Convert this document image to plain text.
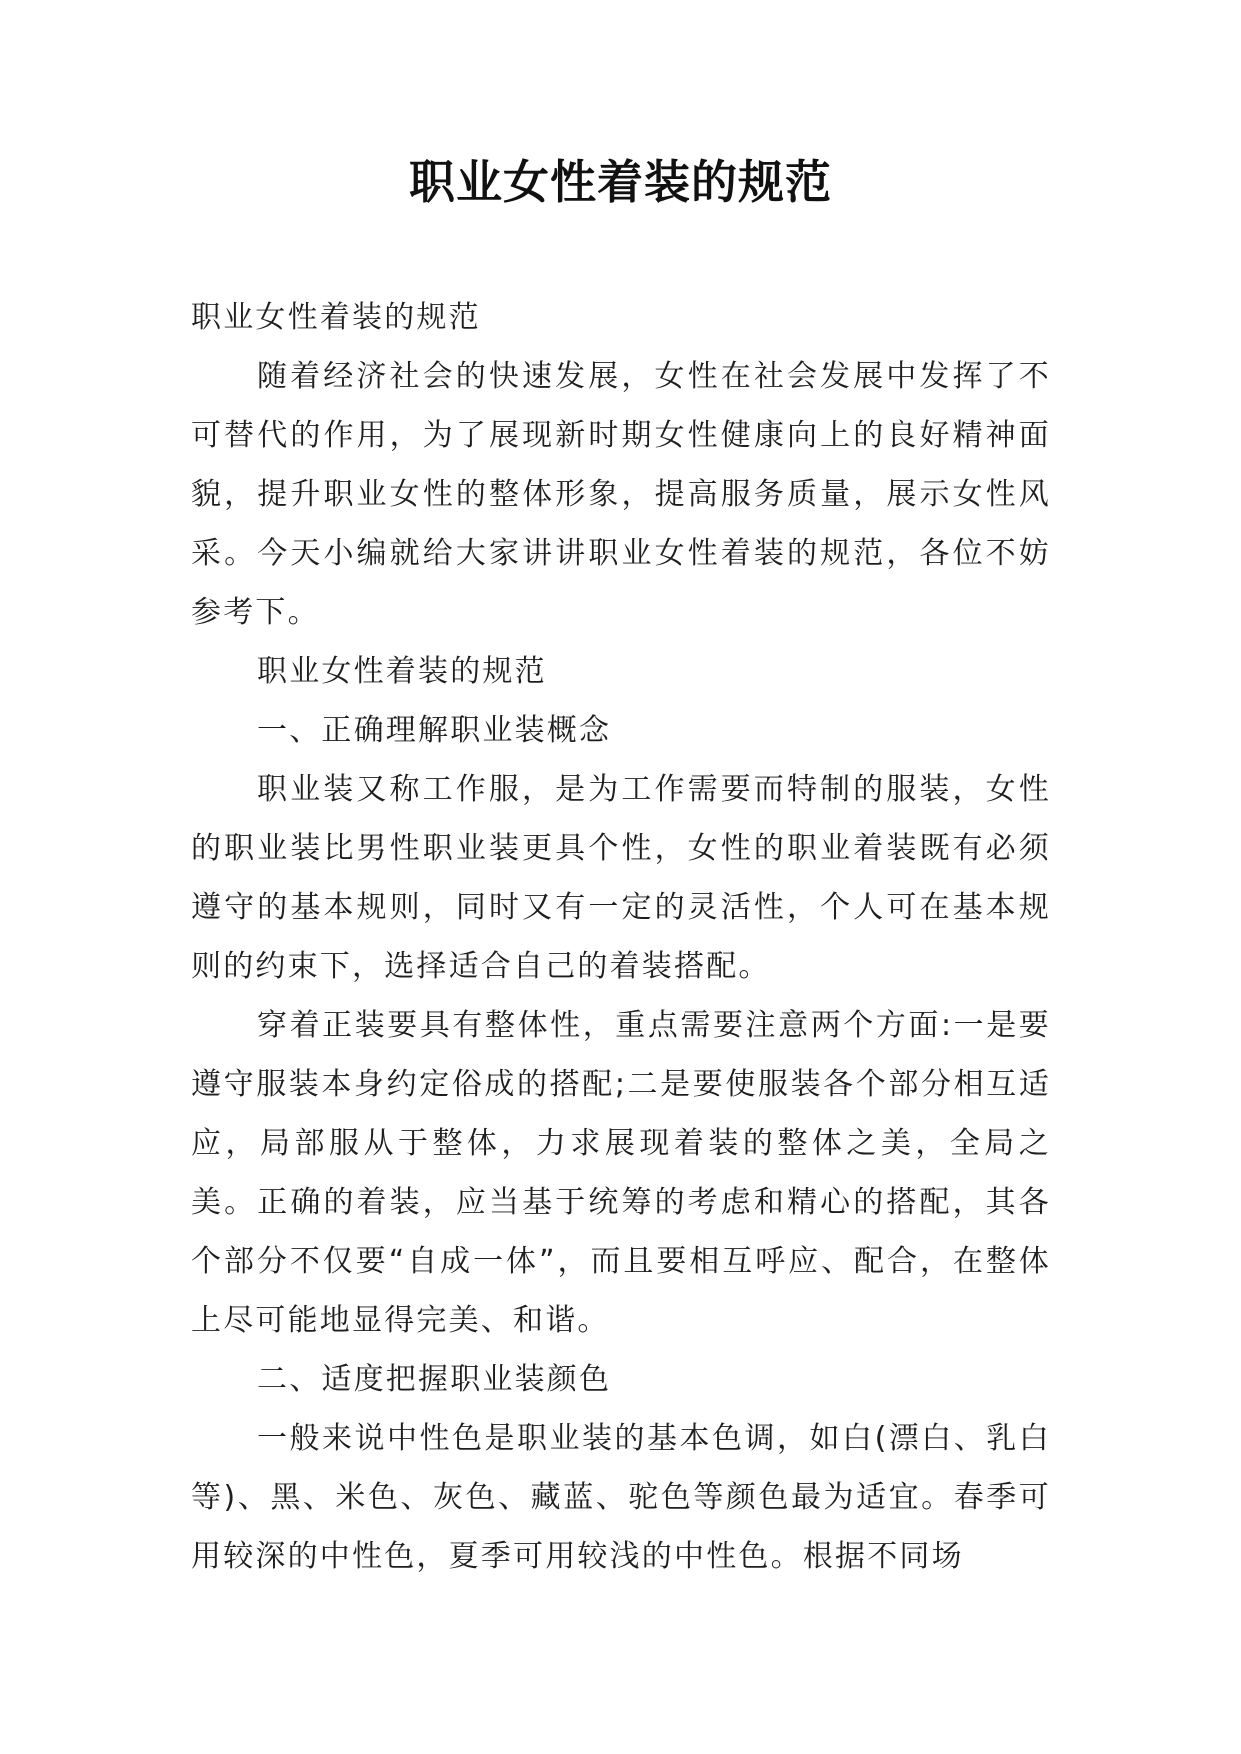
职业女性着装的规范

职业女性着装的规范

随着经济社会的快速发展，女性在社会发展中发挥了不可替代的作用，为了展现新时期女性健康向上的良好精神面貌，提升职业女性的整体形象，提高服务质量，展示女性风采。今天小编就给大家讲讲职业女性着装的规范，各位不妨参考下。

职业女性着装的规范

一、正确理解职业装概念

职业装又称工作服，是为工作需要而特制的服装，女性的职业装比男性职业装更具个性，女性的职业着装既有必须遵守的基本规则，同时又有一定的灵活性，个人可在基本规则的约束下，选择适合自己的着装搭配。

穿着正装要具有整体性，重点需要注意两个方面:一是要遵守服装本身约定俗成的搭配;二是要使服装各个部分相互适应，局部服从于整体，力求展现着装的整体之美，全局之美。正确的着装，应当基于统筹的考虑和精心的搭配，其各个部分不仅要“自成一体”，而且要相互呼应、配合，在整体上尽可能地显得完美、和谐。

二、适度把握职业装颜色

一般来说中性色是职业装的基本色调，如白(漂白、乳白等)、黑、米色、灰色、藏蓝、驼色等颜色最为适宜。春季可用较深的中性色，夏季可用较浅的中性色。根据不同场
